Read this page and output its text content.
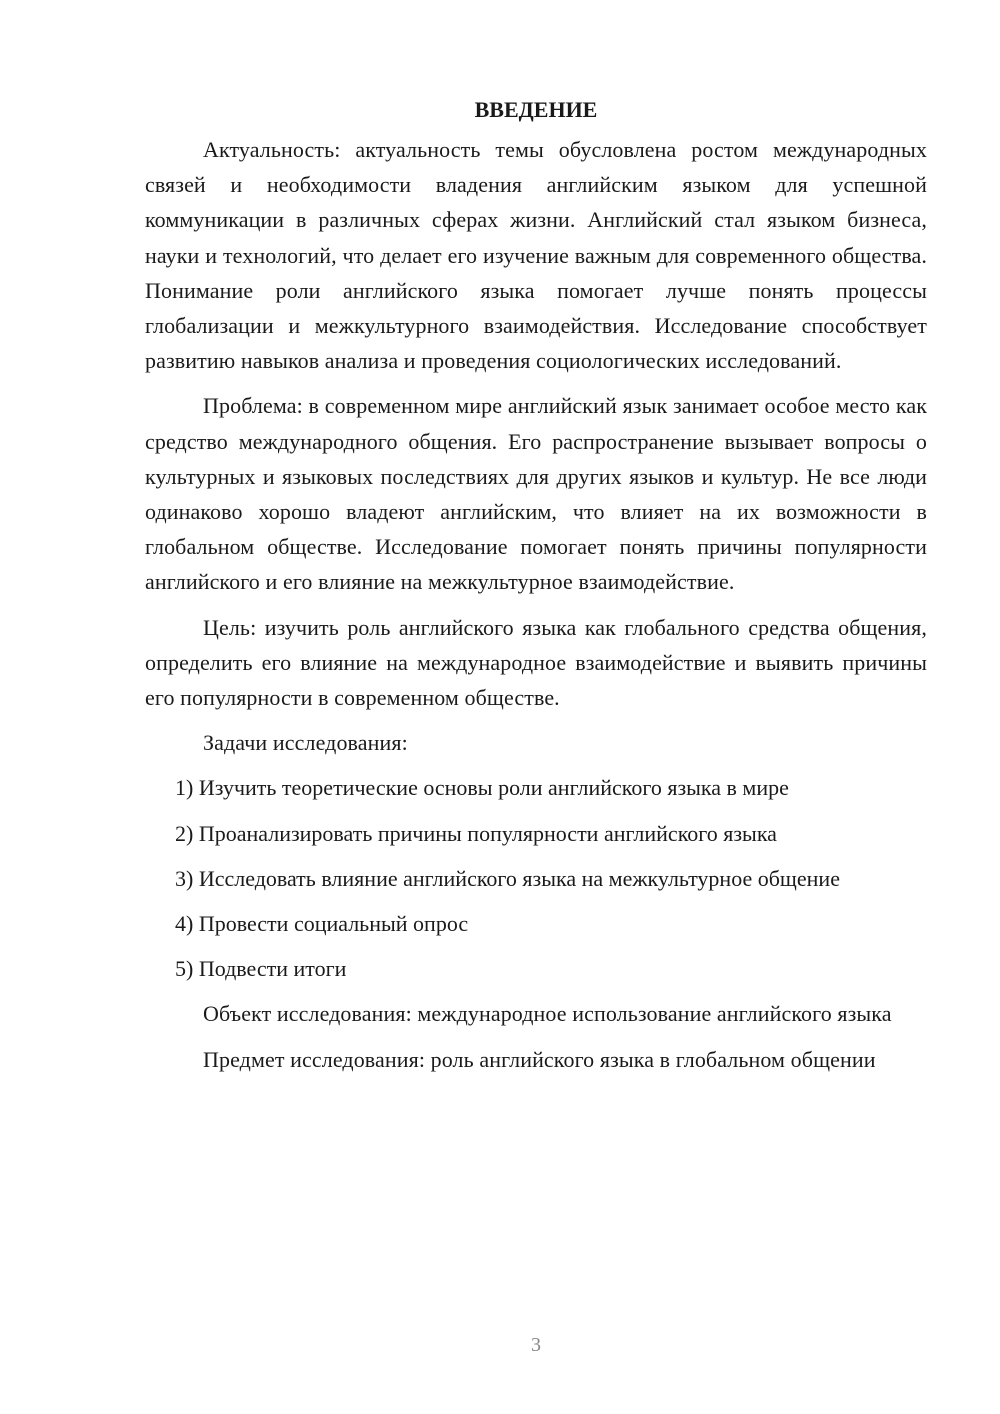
ВВЕДЕНИЕ

Актуальность: актуальность темы обусловлена ростом международных связей и необходимости владения английским языком для успешной коммуникации в различных сферах жизни. Английский стал языком бизнеса, науки и технологий, что делает его изучение важным для современного общества. Понимание роли английского языка помогает лучше понять процессы глобализации и межкультурного взаимодействия. Исследование способствует развитию навыков анализа и проведения социологических исследований.

Проблема: в современном мире английский язык занимает особое место как средство международного общения. Его распространение вызывает вопросы о культурных и языковых последствиях для других языков и культур. Не все люди одинаково хорошо владеют английским, что влияет на их возможности в глобальном обществе. Исследование помогает понять причины популярности английского и его влияние на межкультурное взаимодействие.

Цель: изучить роль английского языка как глобального средства общения, определить его влияние на международное взаимодействие и выявить причины его популярности в современном обществе.

Задачи исследования:

1) Изучить теоретические основы роли английского языка в мире

2) Проанализировать причины популярности английского языка

3) Исследовать влияние английского языка на межкультурное общение

4) Провести социальный опрос

5) Подвести итоги

Объект исследования: международное использование английского языка

Предмет исследования: роль английского языка в глобальном общении

3
